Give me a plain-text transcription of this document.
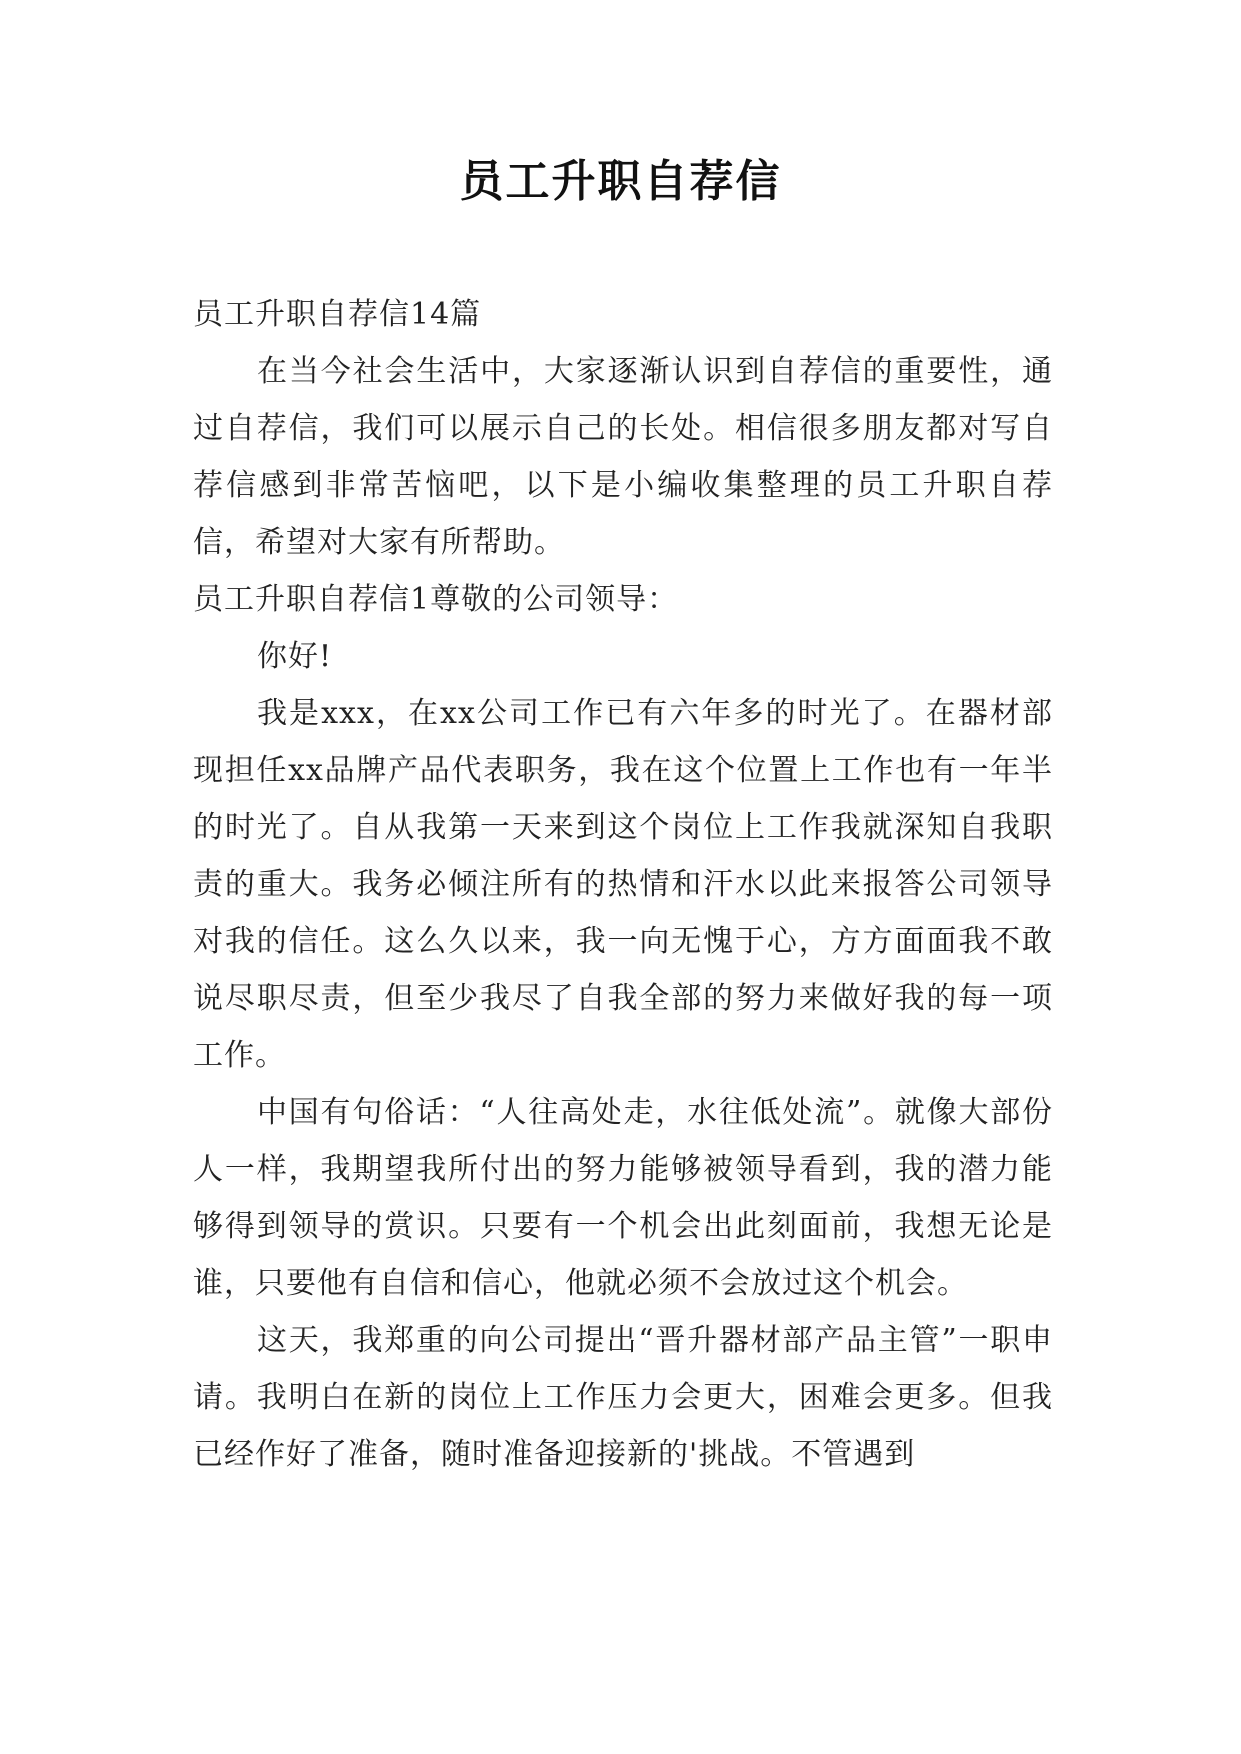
员工升职自荐信

员工升职自荐信14篇

在当今社会生活中，大家逐渐认识到自荐信的重要性，通过自荐信，我们可以展示自己的长处。相信很多朋友都对写自荐信感到非常苦恼吧，以下是小编收集整理的员工升职自荐信，希望对大家有所帮助。

员工升职自荐信1尊敬的公司领导：

你好!

我是xxx，在xx公司工作已有六年多的时光了。在器材部现担任xx品牌产品代表职务，我在这个位置上工作也有一年半的时光了。自从我第一天来到这个岗位上工作我就深知自我职责的重大。我务必倾注所有的热情和汗水以此来报答公司领导对我的信任。这么久以来，我一向无愧于心，方方面面我不敢说尽职尽责，但至少我尽了自我全部的努力来做好我的每一项工作。

中国有句俗话：“人往高处走，水往低处流”。就像大部份人一样，我期望我所付出的努力能够被领导看到，我的潜力能够得到领导的赏识。只要有一个机会出此刻面前，我想无论是谁，只要他有自信和信心，他就必须不会放过这个机会。

这天，我郑重的向公司提出“晋升器材部产品主管”一职申请。我明白在新的岗位上工作压力会更大，困难会更多。但我已经作好了准备，随时准备迎接新的'挑战。不管遇到
